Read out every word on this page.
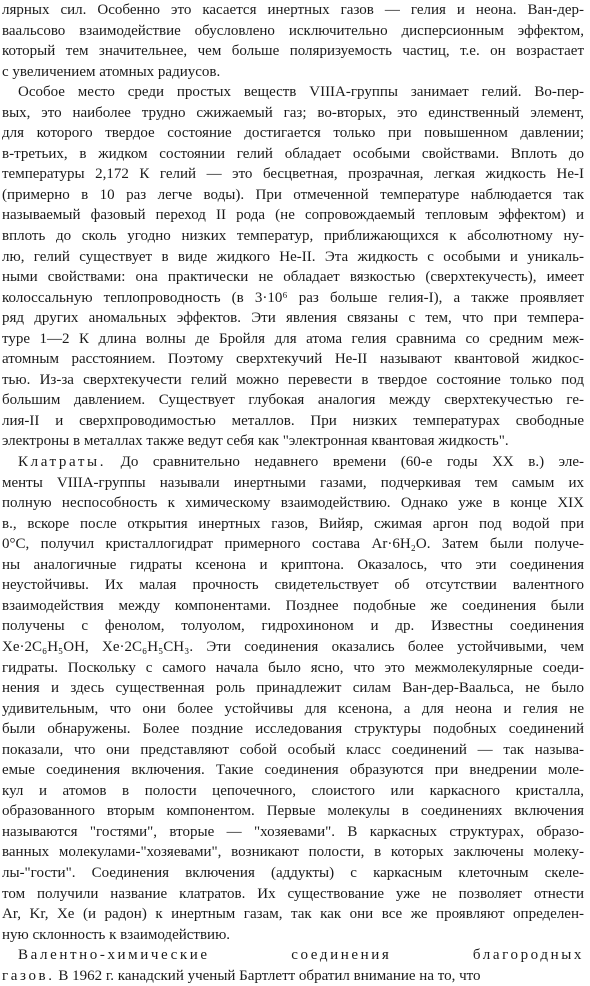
лярных сил. Особенно это касается инертных газов — гелия и неона. Ван-дер-
ваальсово взаимодействие обусловлено исключительно дисперсионным эффектом,
который тем значительнее, чем больше поляризуемость частиц, т.е. он возрастает
с увеличением атомных радиусов.
Особое место среди простых веществ VIIIA-группы занимает гелий. Во-пер-
вых, это наиболее трудно сжижаемый газ; во-вторых, это единственный элемент,
для которого твердое состояние достигается только при повышенном давлении;
в-третьих, в жидком состоянии гелий обладает особыми свойствами. Вплоть до
температуры 2,172 К гелий — это бесцветная, прозрачная, легкая жидкость He-I
(примерно в 10 раз легче воды). При отмеченной температуре наблюдается так
называемый фазовый переход II рода (не сопровождаемый тепловым эффектом) и
вплоть до сколь угодно низких температур, приближающихся к абсолютному ну-
лю, гелий существует в виде жидкого He-II. Эта жидкость с особыми и уникаль-
ными свойствами: она практически не обладает вязкостью (сверхтекучесть), имеет
колоссальную теплопроводность (в 3·10⁶ раз больше гелия-I), а также проявляет
ряд других аномальных эффектов. Эти явления связаны с тем, что при темпера-
туре 1—2 К длина волны де Бройля для атома гелия сравнима со средним меж-
атомным расстоянием. Поэтому сверхтекучий He-II называют квантовой жидкос-
тью. Из-за сверхтекучести гелий можно перевести в твердое состояние только под
большим давлением. Существует глубокая аналогия между сверхтекучестью ге-
лия-II и сверхпроводимостью металлов. При низких температурах свободные
электроны в металлах также ведут себя как "электронная квантовая жидкость".
Клатраты. До сравнительно недавнего времени (60-е годы XX в.) эле-
менты VIIIA-группы называли инертными газами, подчеркивая тем самым их
полную неспособность к химическому взаимодействию. Однако уже в конце XIX
в., вскоре после открытия инертных газов, Вийяр, сжимая аргон под водой при
0°С, получил кристаллогидрат примерного состава Ar·6H₂O. Затем были получе-
ны аналогичные гидраты ксенона и криптона. Оказалось, что эти соединения
неустойчивы. Их малая прочность свидетельствует об отсутствии валентного
взаимодействия между компонентами. Позднее подобные же соединения были
получены с фенолом, толуолом, гидрохиноном и др. Известны соединения
Xe·2C₆H₅OH, Xe·2C₆H₅CH₃. Эти соединения оказались более устойчивыми, чем
гидраты. Поскольку с самого начала было ясно, что это межмолекулярные соеди-
нения и здесь существенная роль принадлежит силам Ван-дер-Ваальса, не было
удивительным, что они более устойчивы для ксенона, а для неона и гелия не
были обнаружены. Более поздние исследования структуры подобных соединений
показали, что они представляют собой особый класс соединений — так называ-
емые соединения включения. Такие соединения образуются при внедрении моле-
кул и атомов в полости цепочечного, слоистого или каркасного кристалла,
образованного вторым компонентом. Первые молекулы в соединениях включения
называются "гостями", вторые — "хозяевами". В каркасных структурах, образо-
ванных молекулами-"хозяевами", возникают полости, в которых заключены молеку-
лы-"гости". Соединения включения (аддукты) с каркасным клеточным скеле-
том получили название клатратов. Их существование уже не позволяет отнести
Ar, Kr, Xe (и радон) к инертным газам, так как они все же проявляют определен-
ную склонность к взаимодействию.
Валентно-химические соединения благородных
газов. В 1962 г. канадский ученый Бартлетт обратил внимание на то, что
